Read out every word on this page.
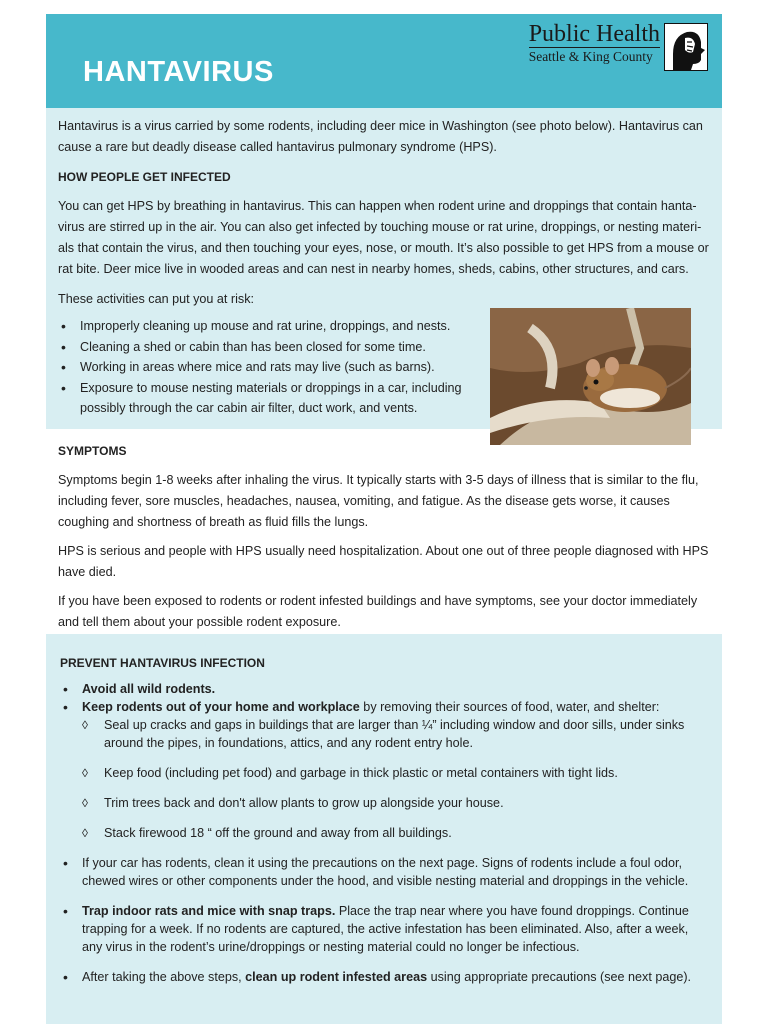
HANTAVIRUS
Public Health
Seattle & King County

Hantavirus is a virus carried by some rodents, including deer mice in Washington (see photo below). Hantavirus can cause a rare but deadly disease called hantavirus pulmonary syndrome (HPS).

HOW PEOPLE GET INFECTED

You can get HPS by breathing in hantavirus. This can happen when rodent urine and droppings that contain hanta-virus are stirred up in the air. You can also get infected by touching mouse or rat urine, droppings, or nesting materi-als that contain the virus, and then touching your eyes, nose, or mouth. It’s also possible to get HPS from a mouse or rat bite. Deer mice live in wooded areas and can nest in nearby homes, sheds, cabins, other structures, and cars.

These activities can put you at risk:

• Improperly cleaning up mouse and rat urine, droppings, and nests.
• Cleaning a shed or cabin than has been closed for some time.
• Working in areas where mice and rats may live (such as barns).
• Exposure to mouse nesting materials or droppings in a car, including possibly through the car cabin air filter, duct work, and vents.
SYMPTOMS

Symptoms begin 1-8 weeks after inhaling the virus. It typically starts with 3-5 days of illness that is similar to the flu, including fever, sore muscles, headaches, nausea, vomiting, and fatigue. As the disease gets worse, it causes coughing and shortness of breath as fluid fills the lungs.

HPS is serious and people with HPS usually need hospitalization. About one out of three people diagnosed with HPS have died.

If you have been exposed to rodents or rodent infested buildings and have symptoms, see your doctor immediately and tell them about your possible rodent exposure.

PREVENT HANTAVIRUS INFECTION
• Avoid all wild rodents.
• Keep rodents out of your home and workplace by removing their sources of food, water, and shelter:
◊ Seal up cracks and gaps in buildings that are larger than ¼” including window and door sills, under sinks around the pipes, in foundations, attics, and any rodent entry hole.
◊ Keep food (including pet food) and garbage in thick plastic or metal containers with tight lids.
◊ Trim trees back and don't allow plants to grow up alongside your house.
◊ Stack firewood 18 “ off the ground and away from all buildings.
• If your car has rodents, clean it using the precautions on the next page. Signs of rodents include a foul odor, chewed wires or other components under the hood, and visible nesting material and droppings in the vehicle.
• Trap indoor rats and mice with snap traps. Place the trap near where you have found droppings. Continue trapping for a week. If no rodents are captured, the active infestation has been eliminated. Also, after a week, any virus in the rodent’s urine/droppings or nesting material could no longer be infectious.
• After taking the above steps, clean up rodent infested areas using appropriate precautions (see next page).
